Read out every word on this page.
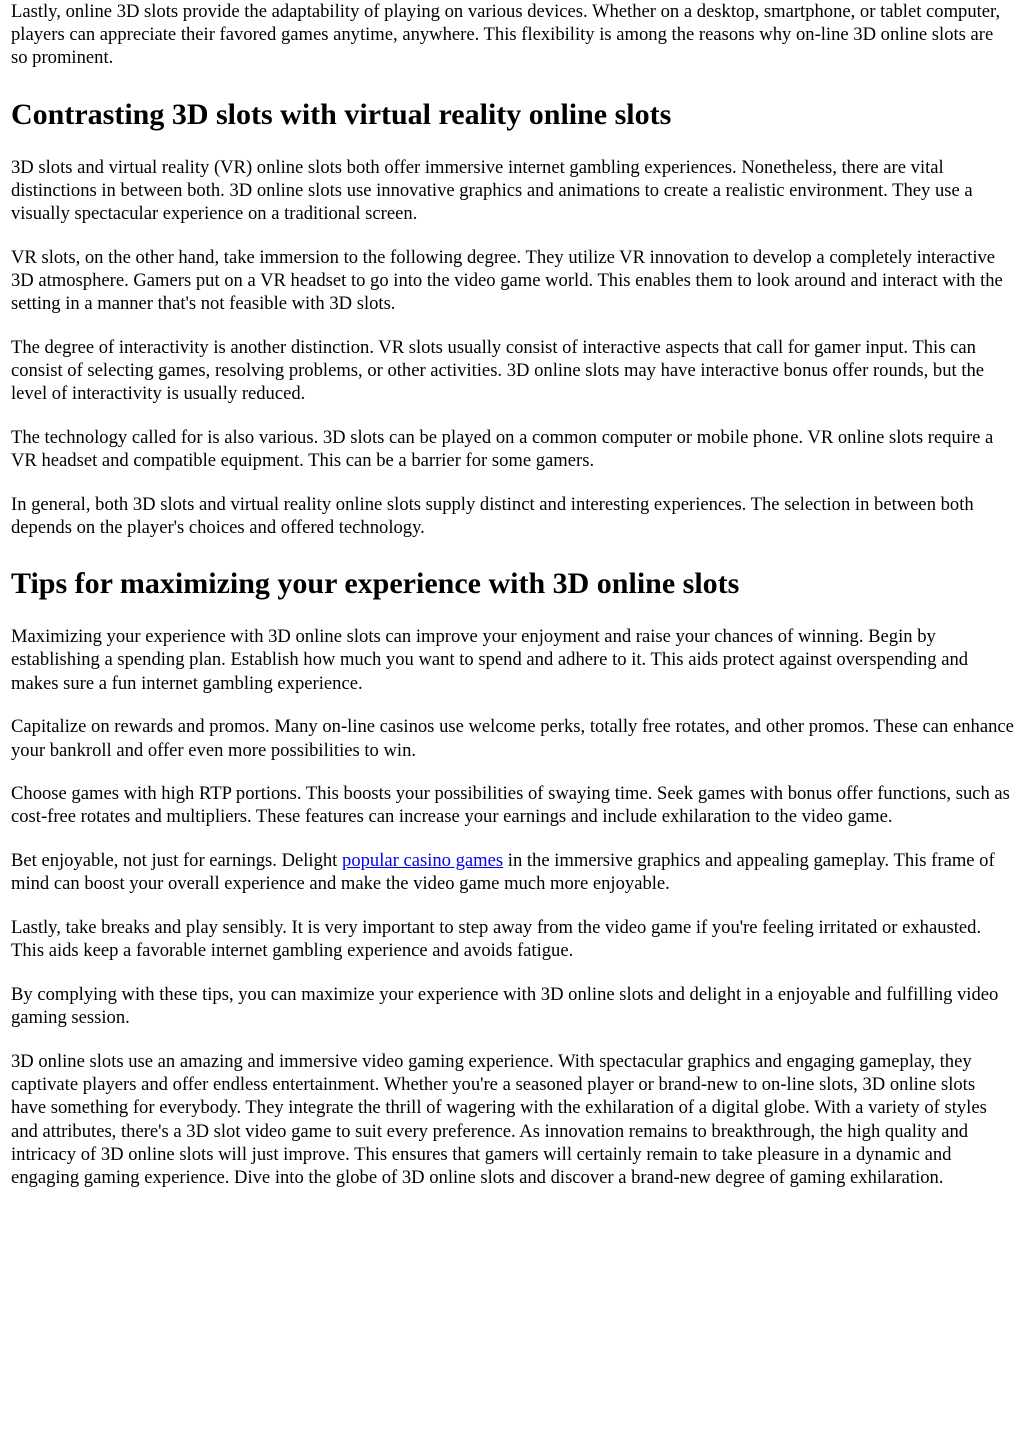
Lastly, online 3D slots provide the adaptability of playing on various devices. Whether on a desktop, smartphone, or tablet computer, players can appreciate their favored games anytime, anywhere. This flexibility is among the reasons why on-line 3D online slots are so prominent.

Contrasting 3D slots with virtual reality online slots

3D slots and virtual reality (VR) online slots both offer immersive internet gambling experiences. Nonetheless, there are vital distinctions in between both. 3D online slots use innovative graphics and animations to create a realistic environment. They use a visually spectacular experience on a traditional screen.

VR slots, on the other hand, take immersion to the following degree. They utilize VR innovation to develop a completely interactive 3D atmosphere. Gamers put on a VR headset to go into the video game world. This enables them to look around and interact with the setting in a manner that's not feasible with 3D slots.

The degree of interactivity is another distinction. VR slots usually consist of interactive aspects that call for gamer input. This can consist of selecting games, resolving problems, or other activities. 3D online slots may have interactive bonus offer rounds, but the level of interactivity is usually reduced.

The technology called for is also various. 3D slots can be played on a common computer or mobile phone. VR online slots require a VR headset and compatible equipment. This can be a barrier for some gamers.

In general, both 3D slots and virtual reality online slots supply distinct and interesting experiences. The selection in between both depends on the player's choices and offered technology.

Tips for maximizing your experience with 3D online slots

Maximizing your experience with 3D online slots can improve your enjoyment and raise your chances of winning. Begin by establishing a spending plan. Establish how much you want to spend and adhere to it. This aids protect against overspending and makes sure a fun internet gambling experience.

Capitalize on rewards and promos. Many on-line casinos use welcome perks, totally free rotates, and other promos. These can enhance your bankroll and offer even more possibilities to win.

Choose games with high RTP portions. This boosts your possibilities of swaying time. Seek games with bonus offer functions, such as cost-free rotates and multipliers. These features can increase your earnings and include exhilaration to the video game.

Bet enjoyable, not just for earnings. Delight popular casino games in the immersive graphics and appealing gameplay. This frame of mind can boost your overall experience and make the video game much more enjoyable.

Lastly, take breaks and play sensibly. It is very important to step away from the video game if you're feeling irritated or exhausted. This aids keep a favorable internet gambling experience and avoids fatigue.

By complying with these tips, you can maximize your experience with 3D online slots and delight in a enjoyable and fulfilling video gaming session.

3D online slots use an amazing and immersive video gaming experience. With spectacular graphics and engaging gameplay, they captivate players and offer endless entertainment. Whether you're a seasoned player or brand-new to on-line slots, 3D online slots have something for everybody. They integrate the thrill of wagering with the exhilaration of a digital globe. With a variety of styles and attributes, there's a 3D slot video game to suit every preference. As innovation remains to breakthrough, the high quality and intricacy of 3D online slots will just improve. This ensures that gamers will certainly remain to take pleasure in a dynamic and engaging gaming experience. Dive into the globe of 3D online slots and discover a brand-new degree of gaming exhilaration.
